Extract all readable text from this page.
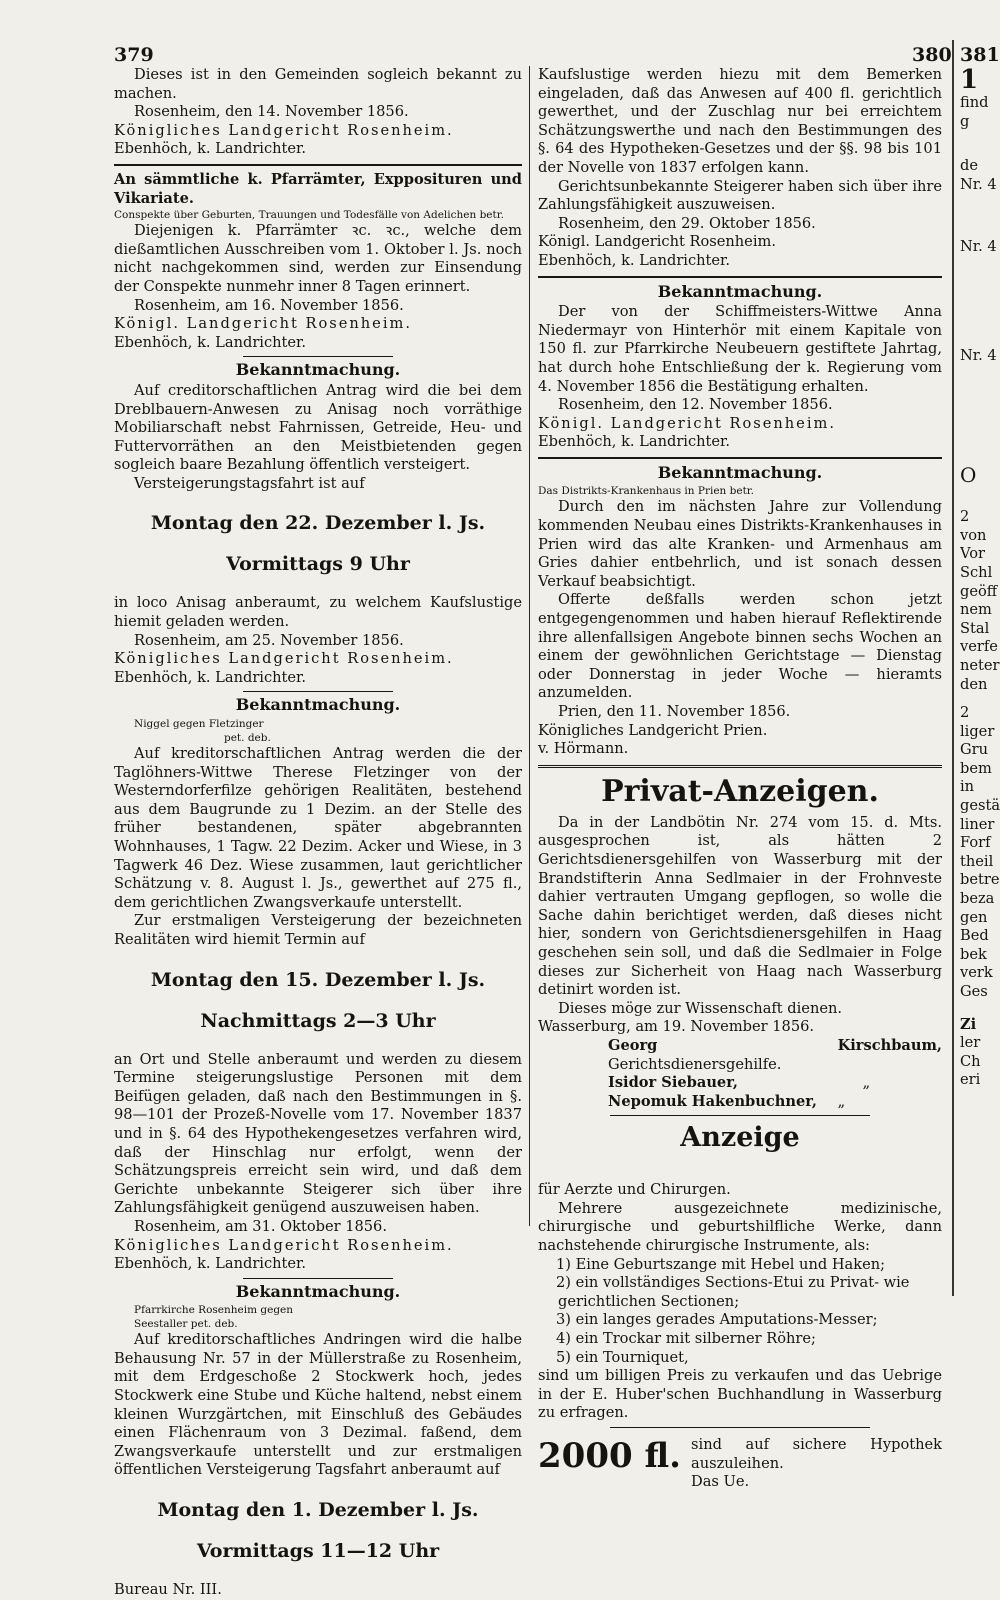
379	380 381

Dieses ist in den Gemeinden sogleich bekannt zu machen.

Rosenheim, den 14. November 1856.

Königliches Landgericht Rosenheim.

Ebenhöch, k. Landrichter.

An sämmtliche k. Pfarrämter, Expposituren und Vikariate.

Conspekte über Geburten, Trauungen und Todesfälle von Adelichen betr.

Diejenigen k. Pfarrämter ꝛc. ꝛc., welche dem dießamtlichen Ausschreiben vom 1. Oktober l. Js. noch nicht nachgekommen sind, werden zur Einsendung der Conspekte nunmehr inner 8 Tagen erinnert.

Rosenheim, am 16. November 1856.

Königl. Landgericht Rosenheim.

Ebenhöch, k. Landrichter.

Bekanntmachung.

Auf creditorschaftlichen Antrag wird die bei dem Dreblbauern-Anwesen zu Anisag noch vorräthige Mobiliarschaft nebst Fahrnissen, Getreide, Heu- und Futtervorräthen an den Meistbietenden gegen sogleich baare Bezahlung öffentlich versteigert.

Versteigerungstagsfahrt ist auf

Montag den 22. Dezember l. Js.

Vormittags 9 Uhr

in loco Anisag anberaumt, zu welchem Kaufslustige hiemit geladen werden.

Rosenheim, am 25. November 1856.

Königliches Landgericht Rosenheim.

Ebenhöch, k. Landrichter.

Bekanntmachung.

Niggel gegen Fletzinger

pet. deb.

Auf kreditorschaftlichen Antrag werden die der Taglöhners-Wittwe Therese Fletzinger von der Westerndorferfilze gehörigen Realitäten, bestehend aus dem Baugrunde zu 1 Dezim. an der Stelle des früher bestandenen, später abgebrannten Wohnhauses, 1 Tagw. 22 Dezim. Acker und Wiese, in 3 Tagwerk 46 Dez. Wiese zusammen, laut gerichtlicher Schätzung v. 8. August l. Js., gewerthet auf 275 fl., dem gerichtlichen Zwangsverkaufe unterstellt.

Zur erstmaligen Versteigerung der bezeichneten Realitäten wird hiemit Termin auf

Montag den 15. Dezember l. Js.

Nachmittags 2—3 Uhr

an Ort und Stelle anberaumt und werden zu diesem Termine steigerungslustige Personen mit dem Beifügen geladen, daß nach den Bestimmungen in §. 98—101 der Prozeß-Novelle vom 17. November 1837 und in §. 64 des Hypothekengesetzes verfahren wird, daß der Hinschlag nur erfolgt, wenn der Schätzungspreis erreicht sein wird, und daß dem Gerichte unbekannte Steigerer sich über ihre Zahlungsfähigkeit genügend auszuweisen haben.

Rosenheim, am 31. Oktober 1856.

Königliches Landgericht Rosenheim.

Ebenhöch, k. Landrichter.

Bekanntmachung.

Pfarrkirche Rosenheim gegen

Seestaller pet. deb.

Auf kreditorschaftliches Andringen wird die halbe Behausung Nr. 57 in der Müllerstraße zu Rosenheim, mit dem Erdgeschoße 2 Stockwerk hoch, jedes Stockwerk eine Stube und Küche haltend, nebst einem kleinen Wurzgärtchen, mit Einschluß des Gebäudes einen Flächenraum von 3 Dezimal. faßend, dem Zwangsverkaufe unterstellt und zur erstmaligen öffentlichen Versteigerung Tagsfahrt anberaumt auf

Montag den 1. Dezember l. Js.

Vormittags 11—12 Uhr

Bureau Nr. III.

Kaufslustige werden hiezu mit dem Bemerken eingeladen, daß das Anwesen auf 400 fl. gerichtlich gewerthet, und der Zuschlag nur bei erreichtem Schätzungswerthe und nach den Bestimmungen des §. 64 des Hypotheken-Gesetzes und der §§. 98 bis 101 der Novelle von 1837 erfolgen kann.

Gerichtsunbekannte Steigerer haben sich über ihre Zahlungsfähigkeit auszuweisen.

Rosenheim, den 29. Oktober 1856.

Königl. Landgericht Rosenheim.

Ebenhöch, k. Landrichter.

Bekanntmachung.

Der von der Schiffmeisters-Wittwe Anna Niedermayr von Hinterhör mit einem Kapitale von 150 fl. zur Pfarrkirche Neubeuern gestiftete Jahrtag, hat durch hohe Entschließung der k. Regierung vom 4. November 1856 die Bestätigung erhalten.

Rosenheim, den 12. November 1856.

Königl. Landgericht Rosenheim.

Ebenhöch, k. Landrichter.

Bekanntmachung.

Das Distrikts-Krankenhaus in Prien betr.

Durch den im nächsten Jahre zur Vollendung kommenden Neubau eines Distrikts-Krankenhauses in Prien wird das alte Kranken- und Armenhaus am Gries dahier entbehrlich, und ist sonach dessen Verkauf beabsichtigt.

Offerte deßfalls werden schon jetzt entgegengenommen und haben hierauf Reflektirende ihre allenfallsigen Angebote binnen sechs Wochen an einem der gewöhnlichen Gerichtstage — Dienstag oder Donnerstag in jeder Woche — hieramts anzumelden.

Prien, den 11. November 1856.

Königliches Landgericht Prien.

v. Hörmann.

Privat-Anzeigen.

Da in der Landbötin Nr. 274 vom 15. d. Mts. ausgesprochen ist, als hätten 2 Gerichtsdienersgehilfen von Wasserburg mit der Brandstifterin Anna Sedlmaier in der Frohnveste dahier vertrauten Umgang gepflogen, so wolle die Sache dahin berichtiget werden, daß dieses nicht hier, sondern von Gerichtsdienersgehilfen in Haag geschehen sein soll, und daß die Sedlmaier in Folge dieses zur Sicherheit von Haag nach Wasserburg detinirt worden ist.

Dieses möge zur Wissenschaft dienen.

Wasserburg, am 19. November 1856.

Georg Kirschbaum, Gerichtsdienersgehilfe.

Isidor Siebauer,	„

Nepomuk Hakenbuchner, „

Anzeige

für Aerzte und Chirurgen.

Mehrere ausgezeichnete medizinische, chirurgische und geburtshilfliche Werke, dann nachstehende chirurgische Instrumente, als:

1) Eine Geburtszange mit Hebel und Haken;
2) ein vollständiges Sections-Etui zu Privat- wie gerichtlichen Sectionen;
3) ein langes gerades Amputations-Messer;
4) ein Trockar mit silberner Röhre;
5) ein Tourniquet,

sind um billigen Preis zu verkaufen und das Uebrige in der E. Huber'schen Buchhandlung in Wasserburg zu erfragen.

2000 fl. sind auf sichere Hypothek auszuleihen.

Das Ue.

1
find g
de
Nr. 4
Nr. 4
Nr. 4
O
2
von
Vor
Schl
geöff
nem
Stal
verfe
neter
den
2
liger
Gru
bem
in
gestä
liner
Forf
theil
betre
beza
gen
Bed
bek
verk
Ges
Zi
ler
Ch
eri
